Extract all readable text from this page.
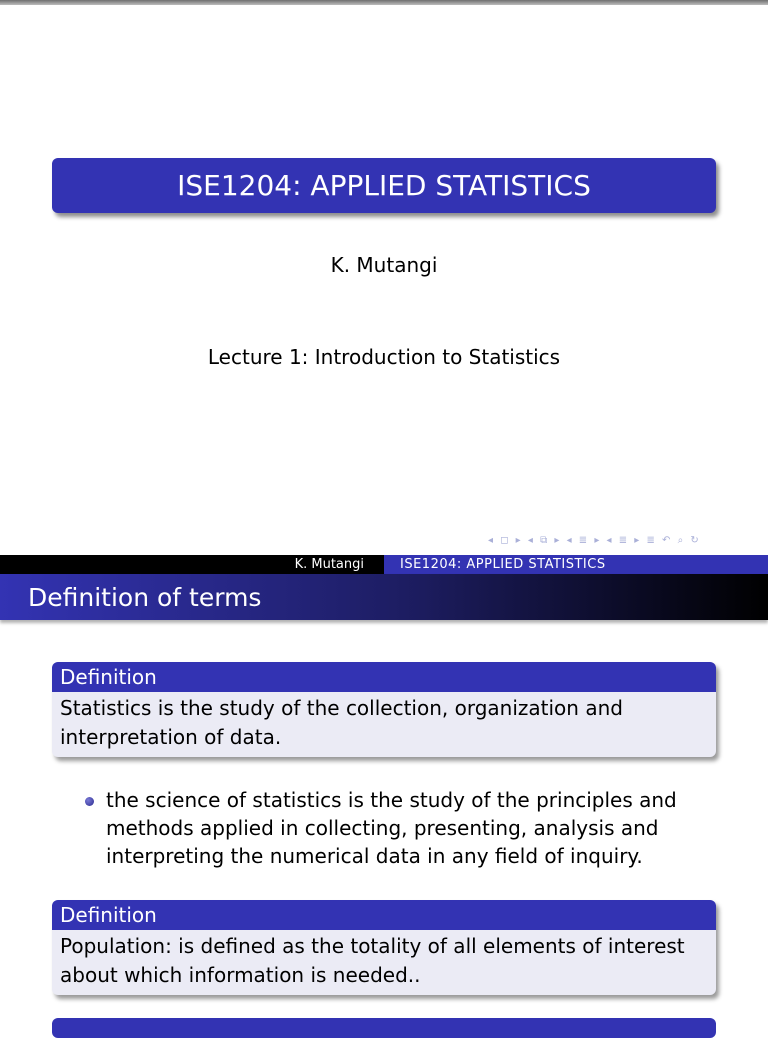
ISE1204: APPLIED STATISTICS
K. Mutangi
Lecture 1: Introduction to Statistics
◂ ◻ ▸ ◂ ⧉ ▸ ◂ ≣ ▸ ◂ ≣ ▸ ≣ ↶ ⌕ ↻
K. Mutangi	ISE1204: APPLIED STATISTICS
Definition of terms
Definition
Statistics is the study of the collection, organization and interpretation of data.
the science of statistics is the study of the principles and methods applied in collecting, presenting, analysis and interpreting the numerical data in any field of inquiry.
Definition
Population: is defined as the totality of all elements of interest about which information is needed..
